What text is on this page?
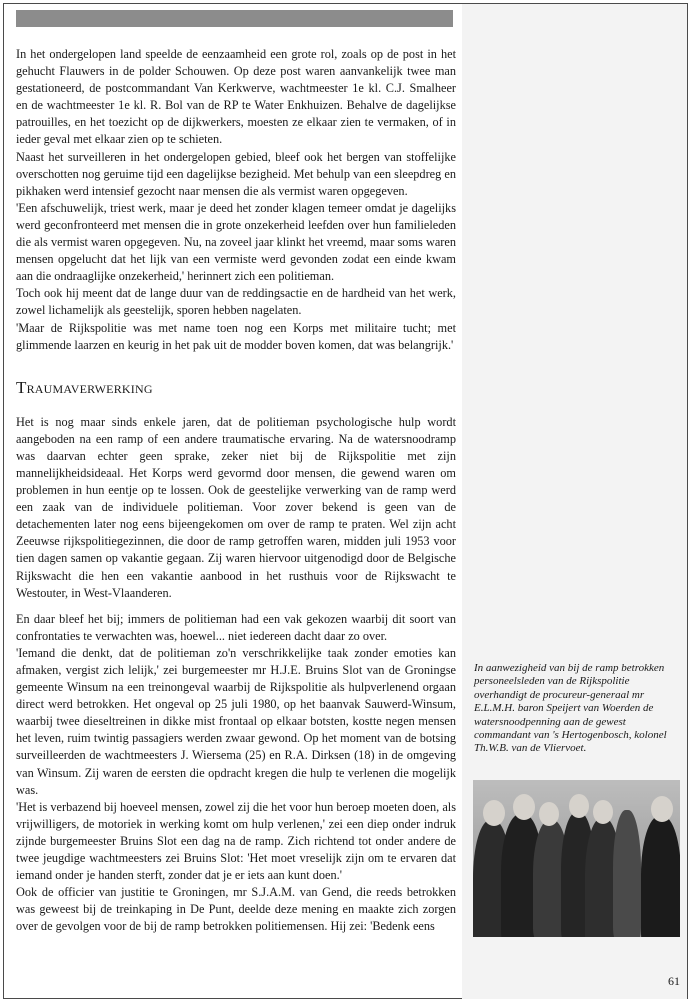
In het ondergelopen land speelde de eenzaamheid een grote rol, zoals op de post in het gehucht Flauwers in de polder Schouwen. Op deze post waren aanvankelijk twee man gestationeerd, de postcommandant Van Kerkwerve, wachtmeester 1e kl. C.J. Smalheer en de wachtmeester 1e kl. R. Bol van de RP te Water Enkhuizen. Behalve de dagelijkse patrouilles, en het toezicht op de dijkwerkers, moesten ze elkaar zien te vermaken, of in ieder geval met elkaar zien op te schieten.

Naast het surveilleren in het ondergelopen gebied, bleef ook het bergen van stoffelijke overschotten nog geruime tijd een dagelijkse bezigheid. Met behulp van een sleepdreg en pikhaken werd intensief gezocht naar mensen die als vermist waren opgegeven.

'Een afschuwelijk, triest werk, maar je deed het zonder klagen temeer omdat je dagelijks werd geconfronteerd met mensen die in grote onzekerheid leefden over hun familieleden die als vermist waren opgegeven. Nu, na zoveel jaar klinkt het vreemd, maar soms waren mensen opgelucht dat het lijk van een vermiste werd gevonden zodat een einde kwam aan die ondraaglijke onzekerheid,' herinnert zich een politieman.

Toch ook hij meent dat de lange duur van de reddingsactie en de hardheid van het werk, zowel lichamelijk als geestelijk, sporen hebben nagelaten.

'Maar de Rijkspolitie was met name toen nog een Korps met militaire tucht; met glimmende laarzen en keurig in het pak uit de modder boven komen, dat was belangrijk.'

Traumaverwerking

Het is nog maar sinds enkele jaren, dat de politieman psychologische hulp wordt aangeboden na een ramp of een andere traumatische ervaring. Na de watersnoodramp was daarvan echter geen sprake, zeker niet bij de Rijkspolitie met zijn mannelijkheidsideaal. Het Korps werd gevormd door mensen, die gewend waren om problemen in hun eentje op te lossen. Ook de geestelijke verwerking van de ramp werd een zaak van de individuele politieman. Voor zover bekend is geen van de detachementen later nog eens bijeengekomen om over de ramp te praten. Wel zijn acht Zeeuwse rijkspolitiegezinnen, die door de ramp getroffen waren, midden juli 1953 voor tien dagen samen op vakantie gegaan. Zij waren hiervoor uitgenodigd door de Belgische Rijkswacht die hen een vakantie aanbood in het rusthuis voor de Rijkswacht te Westouter, in West-Vlaanderen.

En daar bleef het bij; immers de politieman had een vak gekozen waarbij dit soort van confrontaties te verwachten was, hoewel... niet iedereen dacht daar zo over.

'Iemand die denkt, dat de politieman zo'n verschrikkelijke taak zonder emoties kan afmaken, vergist zich lelijk,' zei burgemeester mr H.J.E. Bruins Slot van de Groningse gemeente Winsum na een treinongeval waarbij de Rijkspolitie als hulpverlenend orgaan direct werd betrokken. Het ongeval op 25 juli 1980, op het baanvak Sauwerd-Winsum, waarbij twee dieseltreinen in dikke mist frontaal op elkaar botsten, kostte negen mensen het leven, ruim twintig passagiers werden zwaar gewond. Op het moment van de botsing surveilleerden de wachtmeesters J. Wiersema (25) en R.A. Dirksen (18) in de omgeving van Winsum. Zij waren de eersten die opdracht kregen die hulp te verlenen die mogelijk was.

'Het is verbazend bij hoeveel mensen, zowel zij die het voor hun beroep moeten doen, als vrijwilligers, de motoriek in werking komt om hulp verlenen,' zei een diep onder indruk zijnde burgemeester Bruins Slot een dag na de ramp. Zich richtend tot onder andere de twee jeugdige wachtmeesters zei Bruins Slot: 'Het moet vreselijk zijn om te ervaren dat iemand onder je handen sterft, zonder dat je er iets aan kunt doen.'

Ook de officier van justitie te Groningen, mr S.J.A.M. van Gend, die reeds betrokken was geweest bij de treinkaping in De Punt, deelde deze mening en maakte zich zorgen over de gevolgen voor de bij de ramp betrokken politiemensen. Hij zei: 'Bedenk eens

In aanwezigheid van bij de ramp betrokken personeelsleden van de Rijkspolitie overhandigt de procureur-generaal mr E.L.M.H. baron Speijert van Woerden de watersnoodpenning aan de gewest commandant van 's Hertogenbosch, kolonel Th.W.B. van de Vliervoet.
61
